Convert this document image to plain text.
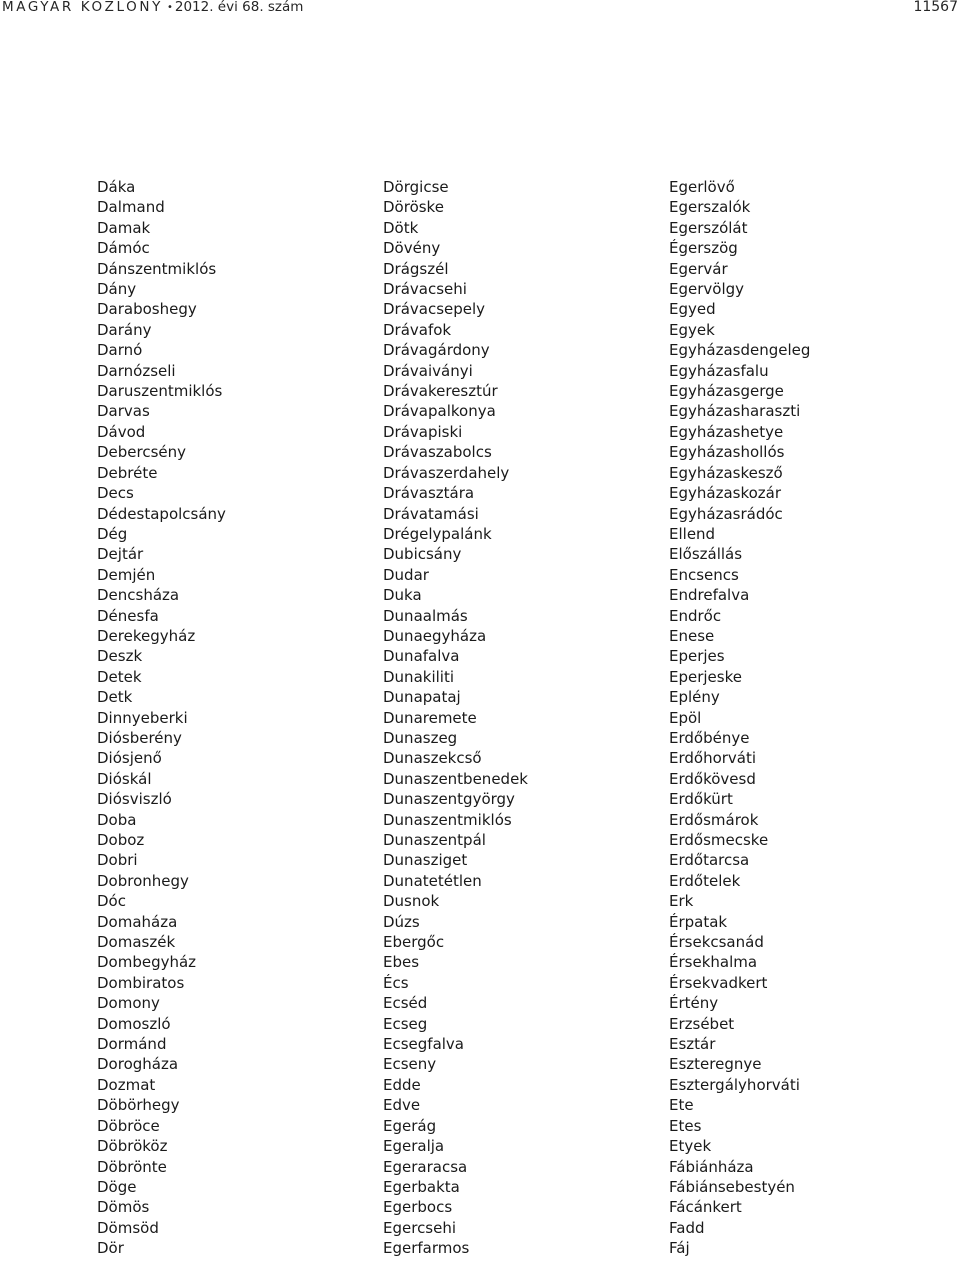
MAGYAR KÖZLÖNY • 2012. évi 68. szám	11567
Dáka
Dalmand
Damak
Dámóc
Dánszentmiklós
Dány
Daraboshegy
Darány
Darnó
Darnózseli
Daruszentmiklós
Darvas
Dávod
Debercsény
Debréte
Decs
Dédestapolcsány
Dég
Dejtár
Demjén
Dencsháza
Dénesfa
Derekegyház
Deszk
Detek
Detk
Dinnyeberki
Diósberény
Diósjenő
Dióskál
Diósviszló
Doba
Doboz
Dobri
Dobronhegy
Dóc
Domaháza
Domaszék
Dombegyház
Dombiratos
Domony
Domoszló
Dormánd
Dorogháza
Dozmat
Döbörhegy
Döbröce
Döbrököz
Döbrönte
Döge
Dömös
Dömsöd
Dör
Dörgicse
Döröske
Dötk
Dövény
Drágszél
Drávacsehi
Drávacsepely
Drávafok
Drávagárdony
Drávaiványi
Drávakeresztúr
Drávapalkonya
Drávapiski
Drávaszabolcs
Drávaszerdahely
Drávasztára
Drávatamási
Drégelypalánk
Dubicsány
Dudar
Duka
Dunaalmás
Dunaegyháza
Dunafalva
Dunakiliti
Dunapataj
Dunaremete
Dunaszeg
Dunaszekcső
Dunaszentbenedek
Dunaszentgyörgy
Dunaszentmiklós
Dunaszentpál
Dunasziget
Dunatetétlen
Dusnok
Dúzs
Ebergőc
Ebes
Écs
Ecséd
Ecseg
Ecsegfalva
Ecseny
Edde
Edve
Egerág
Egeralja
Egeraracsa
Egerbakta
Egerbocs
Egercsehi
Egerfarmos
Egerlövő
Egerszalók
Egerszólát
Égerszög
Egervár
Egervölgy
Egyed
Egyek
Egyházasdengeleg
Egyházasfalu
Egyházasgerge
Egyházasharaszti
Egyházashetye
Egyházashollós
Egyházaskesző
Egyházaskozár
Egyházasrádóc
Ellend
Előszállás
Encsencs
Endrefalva
Endrőc
Enese
Eperjes
Eperjeske
Eplény
Epöl
Erdőbénye
Erdőhorváti
Erdőkövesd
Erdőkürt
Erdősmárok
Erdősmecske
Erdőtarcsa
Erdőtelek
Erk
Érpatak
Érsekcsanád
Érsekhalma
Érsekvadkert
Értény
Erzsébet
Esztár
Eszteregnye
Esztergályhorváti
Ete
Etes
Etyek
Fábiánháza
Fábiánsebestyén
Fácánkert
Fadd
Fáj
